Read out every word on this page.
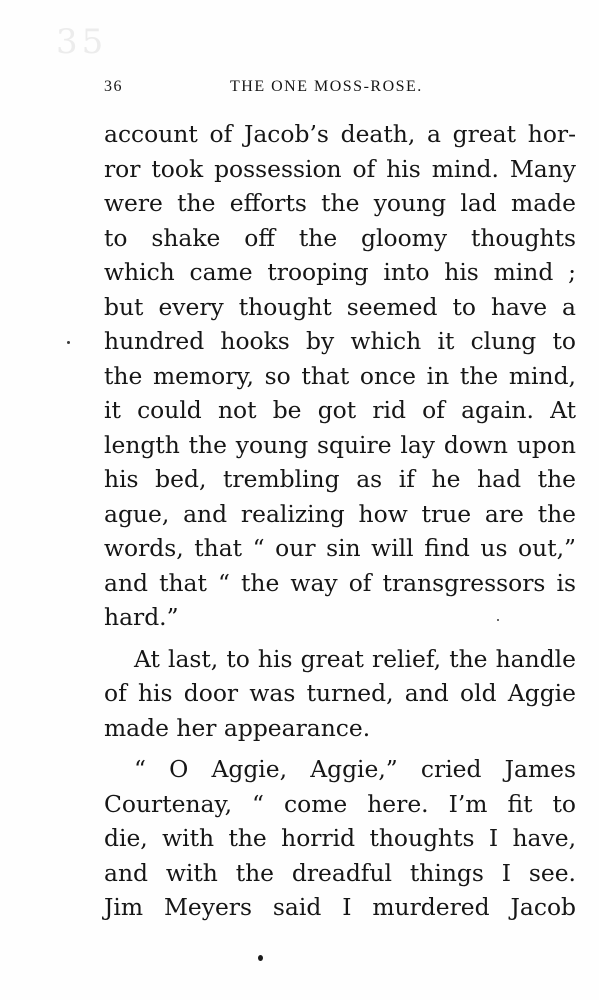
35
36	THE ONE MOSS-ROSE.
account of Jacob’s death, a great hor-
ror took possession of his mind. Many
were the efforts the young lad made
to shake off the gloomy thoughts
which came trooping into his mind ;
but every thought seemed to have a
hundred hooks by which it clung to
the memory, so that once in the mind,
it could not be got rid of again. At
length the young squire lay down upon
his bed, trembling as if he had the
ague, and realizing how true are the
words, that “ our sin will find us out,”
and that “ the way of transgressors is
hard.”
At last, to his great relief, the handle
of his door was turned, and old Aggie
made her appearance.
“ O Aggie, Aggie,” cried James
Courtenay, “ come here. I’m fit to
die, with the horrid thoughts I have,
and with the dreadful things I see.
Jim Meyers said I murdered Jacob
